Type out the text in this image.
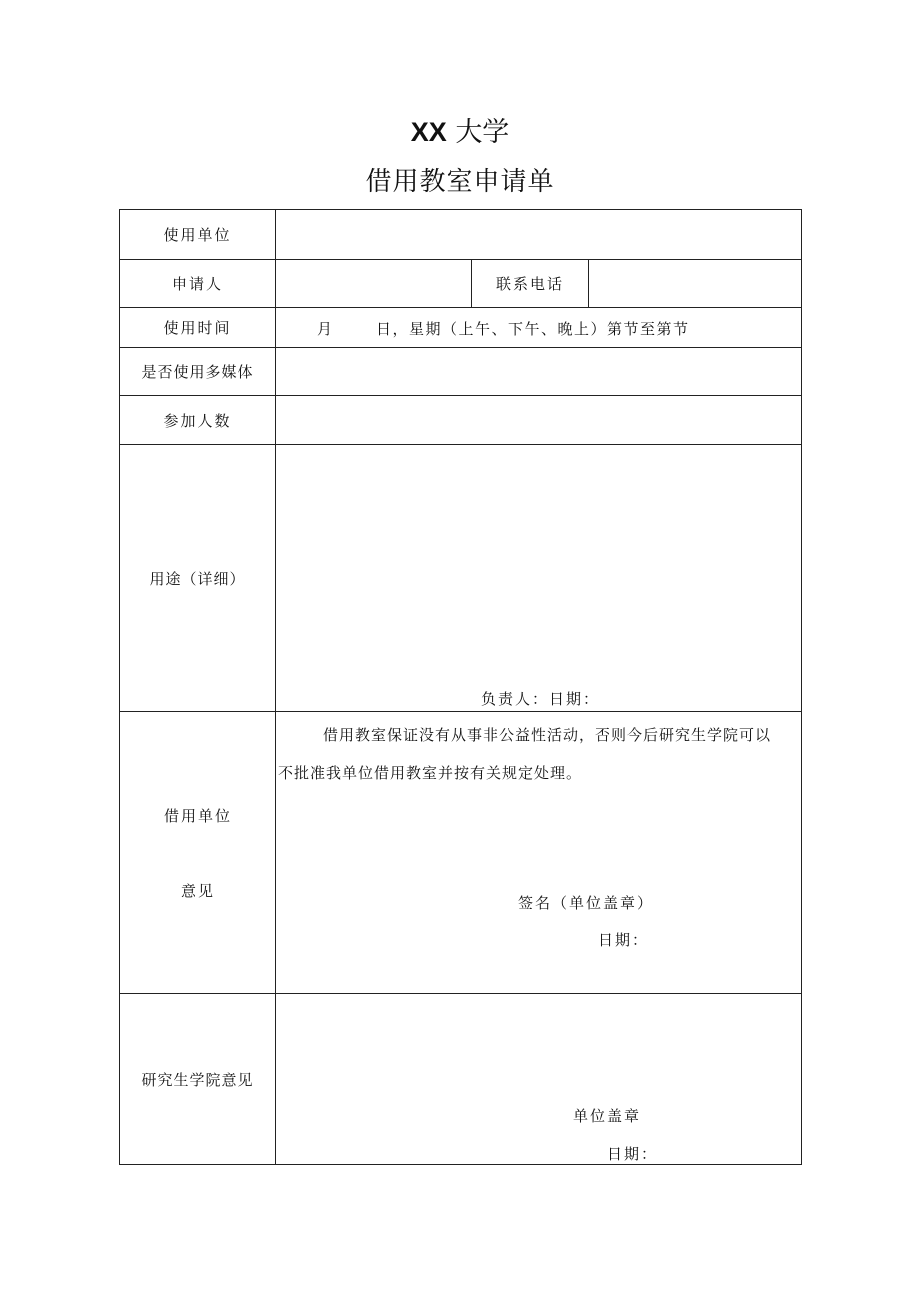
XX 大学
借用教室申请单
使用单位			
申请人		联系电话	
使用时间	月 日，星期（上午、下午、晚上）第节至第节		

是否使用多媒体			
参加人数			
用途（详细）	负责人：日期：		

借用单位
意见	借用教室保证没有从事非公益性活动，否则今后研究生学院可以
不批准我单位借用教室并按有关规定处理。
签名（单位盖章）
日期：		

研究生学院意见	单位盖章
日期：		
